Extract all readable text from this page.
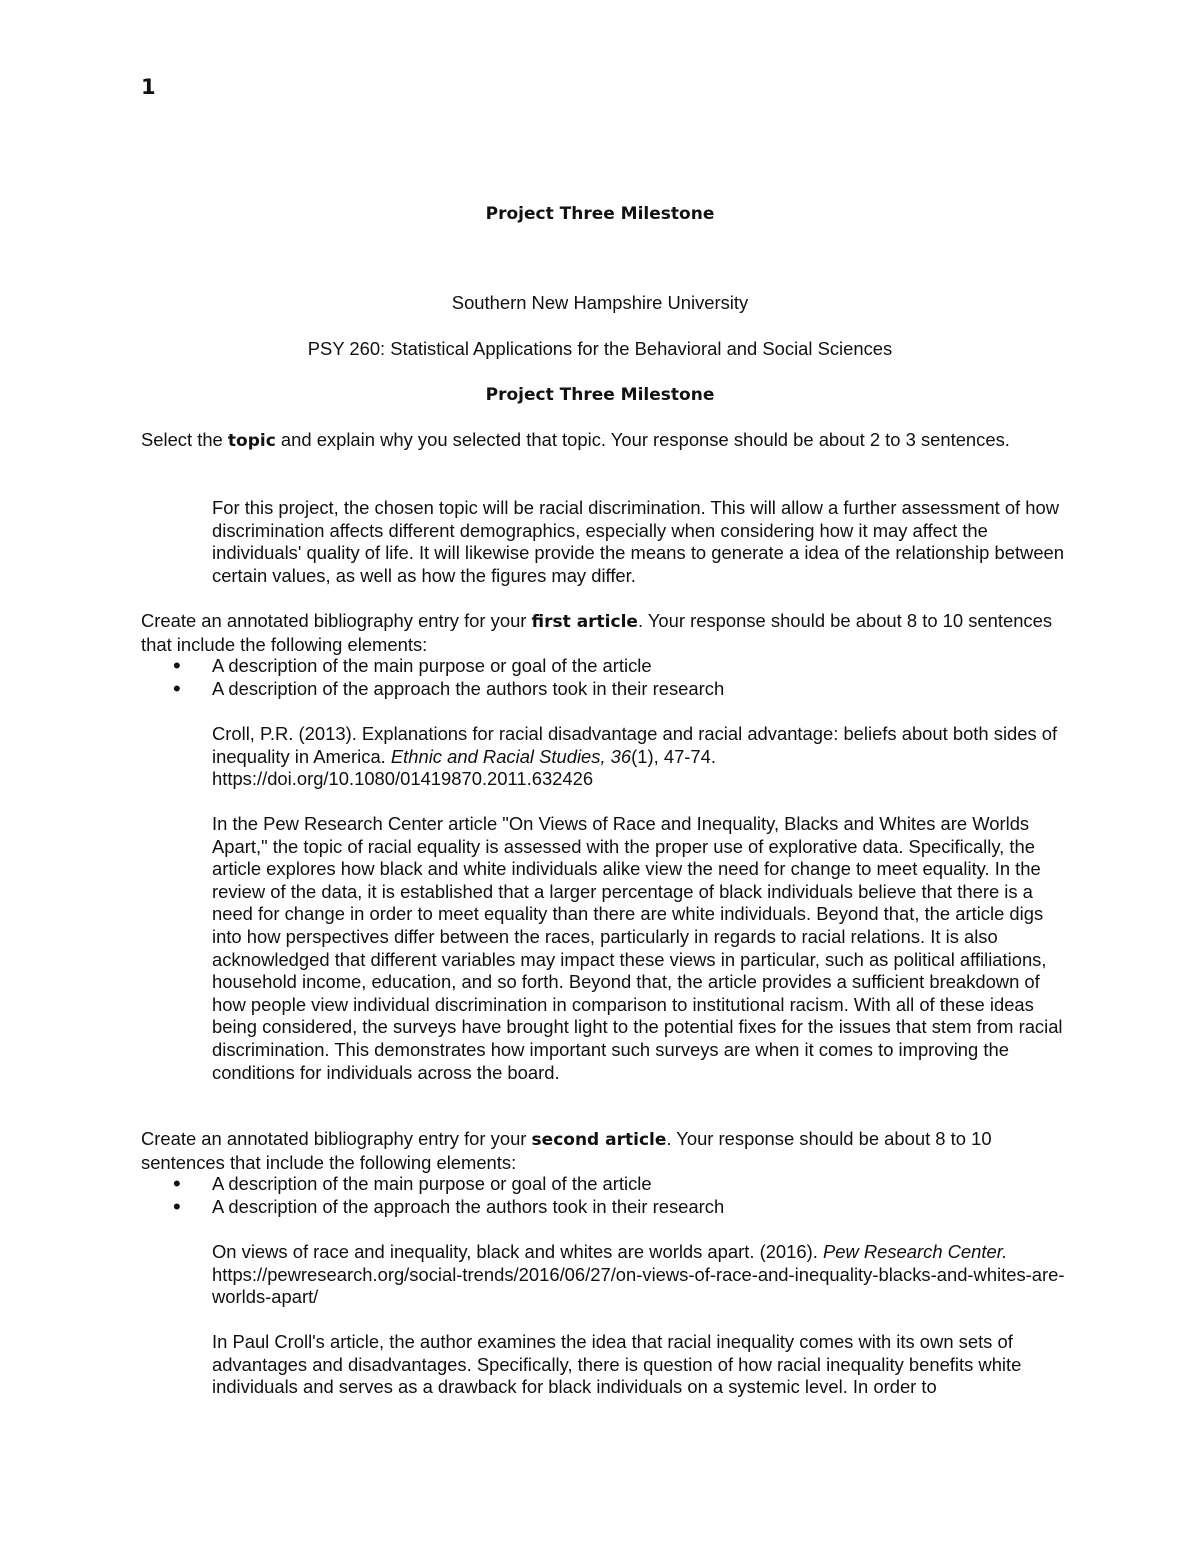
1
Project Three Milestone
Southern New Hampshire University
PSY 260: Statistical Applications for the Behavioral and Social Sciences
Project Three Milestone

Select the topic and explain why you selected that topic. Your response should be about 2 to 3 sentences.

For this project, the chosen topic will be racial discrimination. This will allow a further assessment of how discrimination affects different demographics, especially when considering how it may affect the individuals' quality of life. It will likewise provide the means to generate a idea of the relationship between certain values, as well as how the figures may differ.

Create an annotated bibliography entry for your first article. Your response should be about 8 to 10 sentences that include the following elements:

• A description of the main purpose or goal of the article
• A description of the approach the authors took in their research

Croll, P.R. (2013). Explanations for racial disadvantage and racial advantage: beliefs about both sides of inequality in America. Ethnic and Racial Studies, 36(1), 47-74. https://doi.org/10.1080/01419870.2011.632426

In the Pew Research Center article "On Views of Race and Inequality, Blacks and Whites are Worlds Apart," the topic of racial equality is assessed with the proper use of explorative data. Specifically, the article explores how black and white individuals alike view the need for change to meet equality. In the review of the data, it is established that a larger percentage of black individuals believe that there is a need for change in order to meet equality than there are white individuals. Beyond that, the article digs into how perspectives differ between the races, particularly in regards to racial relations. It is also acknowledged that different variables may impact these views in particular, such as political affiliations, household income, education, and so forth. Beyond that, the article provides a sufficient breakdown of how people view individual discrimination in comparison to institutional racism. With all of these ideas being considered, the surveys have brought light to the potential fixes for the issues that stem from racial discrimination. This demonstrates how important such surveys are when it comes to improving the conditions for individuals across the board.

Create an annotated bibliography entry for your second article. Your response should be about 8 to 10 sentences that include the following elements:

• A description of the main purpose or goal of the article
• A description of the approach the authors took in their research

On views of race and inequality, black and whites are worlds apart. (2016). Pew Research Center. https://pewresearch.org/social-trends/2016/06/27/on-views-of-race-and-inequality-blacks-and-whites-are-worlds-apart/

In Paul Croll's article, the author examines the idea that racial inequality comes with its own sets of advantages and disadvantages. Specifically, there is question of how racial inequality benefits white individuals and serves as a drawback for black individuals on a systemic level. In order to
